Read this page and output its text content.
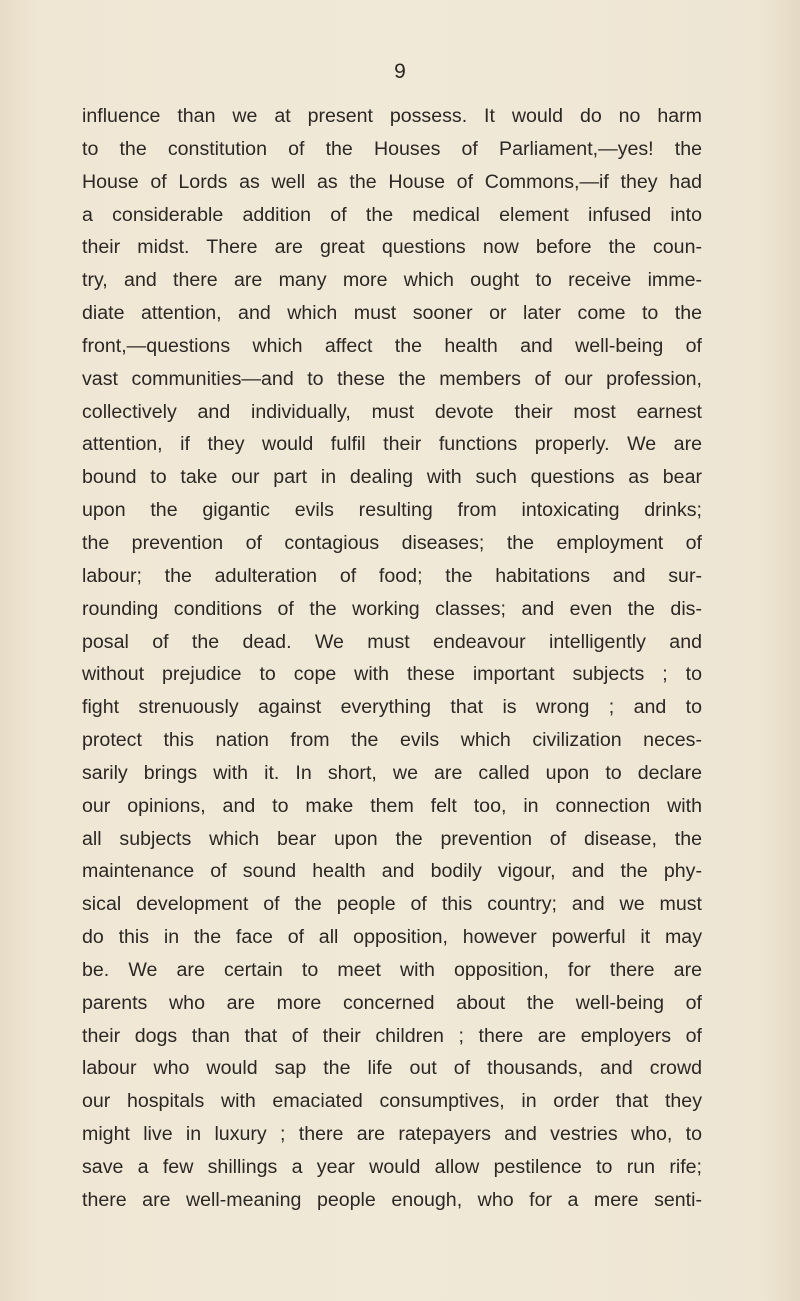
9
influence than we at present possess. It would do no harm
to the constitution of the Houses of Parliament,—yes! the
House of Lords as well as the House of Commons,—if they had
a considerable addition of the medical element infused into
their midst. There are great questions now before the coun-
try, and there are many more which ought to receive imme-
diate attention, and which must sooner or later come to the
front,—questions which affect the health and well-being of
vast communities—and to these the members of our profession,
collectively and individually, must devote their most earnest
attention, if they would fulfil their functions properly. We are
bound to take our part in dealing with such questions as bear
upon the gigantic evils resulting from intoxicating drinks;
the prevention of contagious diseases; the employment of
labour; the adulteration of food; the habitations and sur-
rounding conditions of the working classes; and even the dis-
posal of the dead. We must endeavour intelligently and
without prejudice to cope with these important subjects ; to
fight strenuously against everything that is wrong ; and to
protect this nation from the evils which civilization neces-
sarily brings with it. In short, we are called upon to declare
our opinions, and to make them felt too, in connection with
all subjects which bear upon the prevention of disease, the
maintenance of sound health and bodily vigour, and the phy-
sical development of the people of this country; and we must
do this in the face of all opposition, however powerful it may
be. We are certain to meet with opposition, for there are
parents who are more concerned about the well-being of
their dogs than that of their children ; there are employers of
labour who would sap the life out of thousands, and crowd
our hospitals with emaciated consumptives, in order that they
might live in luxury ; there are ratepayers and vestries who, to
save a few shillings a year would allow pestilence to run rife;
there are well-meaning people enough, who for a mere senti-
